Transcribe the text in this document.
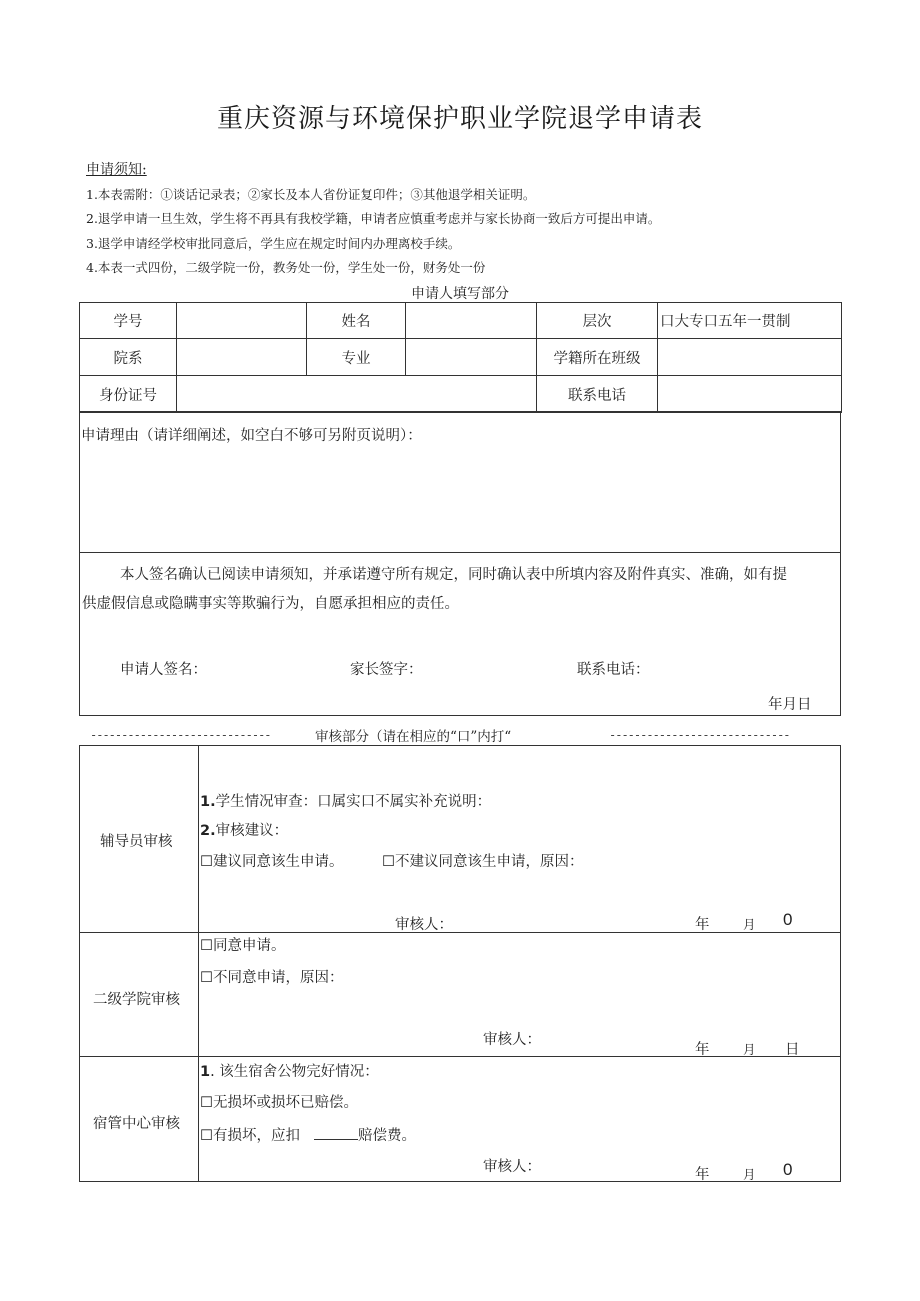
重庆资源与环境保护职业学院退学申请表
申请须知:
1.本表需附：①谈话记录表；②家长及本人省份证复印件；③其他退学相关证明。
2.退学申请一旦生效，学生将不再具有我校学籍，申请者应慎重考虑并与家长协商一致后方可提出申请。
3.退学申请经学校审批同意后，学生应在规定时间内办理离校手续。
4.本表一式四份，二级学院一份，教务处一份，学生处一份，财务处一份
申请人填写部分
学号		姓名		层次	口大专口五年一贯制
院系		专业		学籍所在班级	
身份证号				联系电话	
申请理由（请详细阐述，如空白不够可另附页说明）：
本人签名确认已阅读申请须知，并承诺遵守所有规定，同时确认表中所填内容及附件真实、准确，如有提
供虚假信息或隐瞒事实等欺骗行为，自愿承担相应的责任。
申请人签名：	家长签字：	联系电话：
年月日
-----------------------------	审核部分（请在相应的“口”内打“	-----------------------------
辅导员审核
1.学生情况审查：口属实口不属实补充说明：
2.审核建议：
☐建议同意该生申请。	☐不建议同意该生申请，原因：
审核人：	年	月 0
二级学院审核
☐同意申请。
☐不同意申请，原因：
审核人：
年	月 日
宿管中心审核
1. 该生宿舍公物完好情况：
☐无损坏或损坏已赔偿。
☐有损坏，应扣	赔偿费。
审核人：	年	月 0
